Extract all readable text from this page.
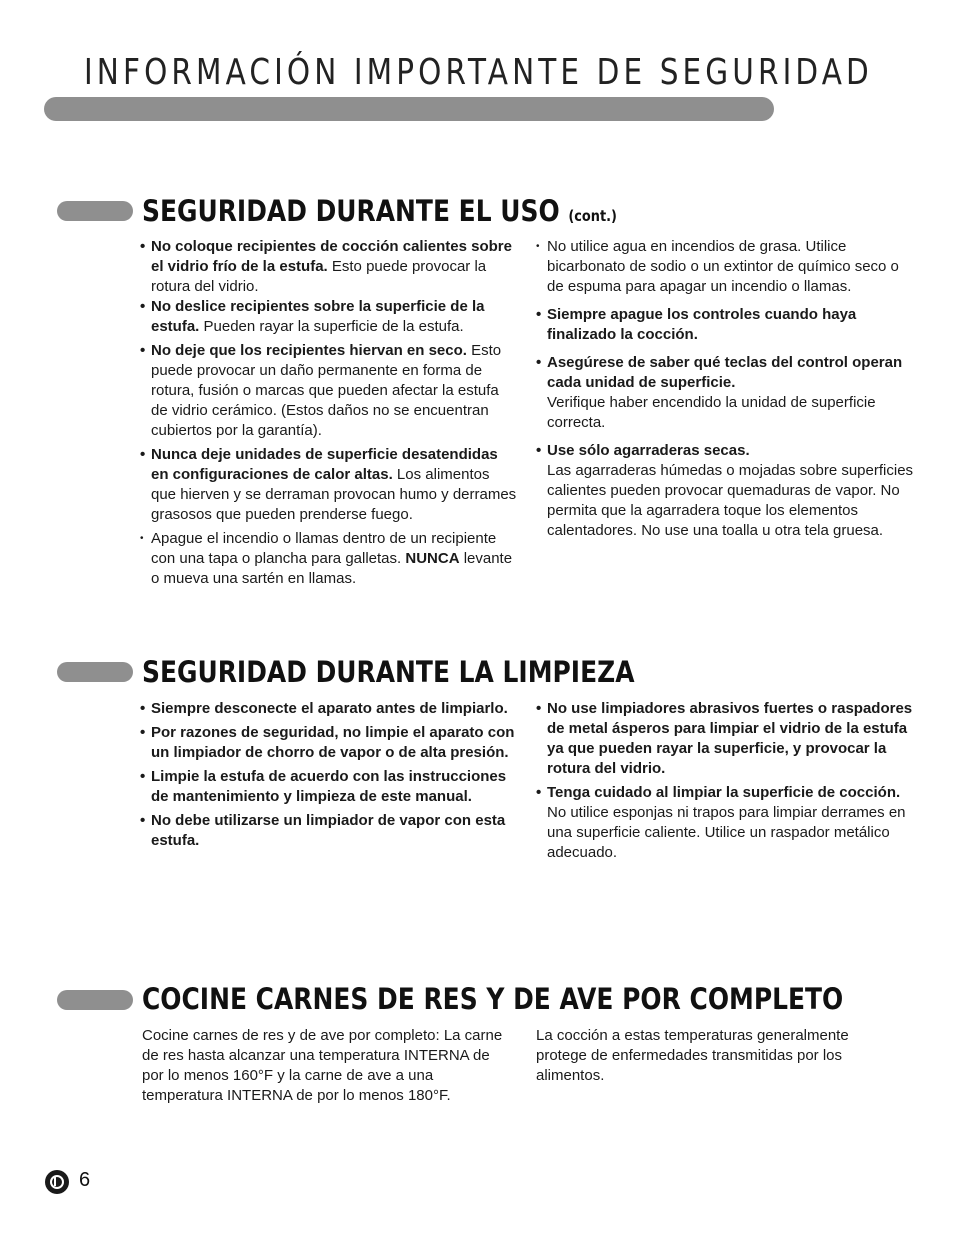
INFORMACIÓN IMPORTANTE DE SEGURIDAD
SEGURIDAD DURANTE EL USO (cont.)

• No coloque recipientes de cocción calientes sobre el vidrio frío de la estufa. Esto puede provocar la rotura del vidrio.

• No deslice recipientes sobre la superficie de la estufa. Pueden rayar la superficie de la estufa.

• No deje que los recipientes hiervan en seco. Esto puede provocar un daño permanente en forma de rotura, fusión o marcas que pueden afectar la estufa de vidrio cerámico. (Estos daños no se encuentran cubiertos por la garantía).

• Nunca deje unidades de superficie desatendidas en configuraciones de calor altas. Los alimentos que hierven y se derraman provocan humo y derrames grasosos que pueden prenderse fuego.

• Apague el incendio o llamas dentro de un recipiente con una tapa o plancha para galletas. NUNCA levante o mueva una sartén en llamas.

• No utilice agua en incendios de grasa. Utilice bicarbonato de sodio o un extintor de químico seco o de espuma para apagar un incendio o llamas.

• Siempre apague los controles cuando haya finalizado la cocción.

• Asegúrese de saber qué teclas del control operan cada unidad de superficie.
Verifique haber encendido la unidad de superficie correcta.

• Use sólo agarraderas secas.
Las agarraderas húmedas o mojadas sobre superficies calientes pueden provocar quemaduras de vapor. No permita que la agarradera toque los elementos calentadores. No use una toalla u otra tela gruesa.

SEGURIDAD DURANTE LA LIMPIEZA

• Siempre desconecte el aparato antes de limpiarlo.

• Por razones de seguridad, no limpie el aparato con un limpiador de chorro de vapor o de alta presión.

• Limpie la estufa de acuerdo con las instrucciones de mantenimiento y limpieza de este manual.

• No debe utilizarse un limpiador de vapor con esta estufa.

• No use limpiadores abrasivos fuertes o raspadores de metal ásperos para limpiar el vidrio de la estufa ya que pueden rayar la superficie, y provocar la rotura del vidrio.

• Tenga cuidado al limpiar la superficie de cocción. No utilice esponjas ni trapos para limpiar derrames en una superficie caliente. Utilice un raspador metálico adecuado.

COCINE CARNES DE RES Y DE AVE POR COMPLETO

Cocine carnes de res y de ave por completo: La carne de res hasta alcanzar una temperatura INTERNA de por lo menos 160°F y la carne de ave a una temperatura INTERNA de por lo menos 180°F.

La cocción a estas temperaturas generalmente protege de enfermedades transmitidas por los alimentos.

6
